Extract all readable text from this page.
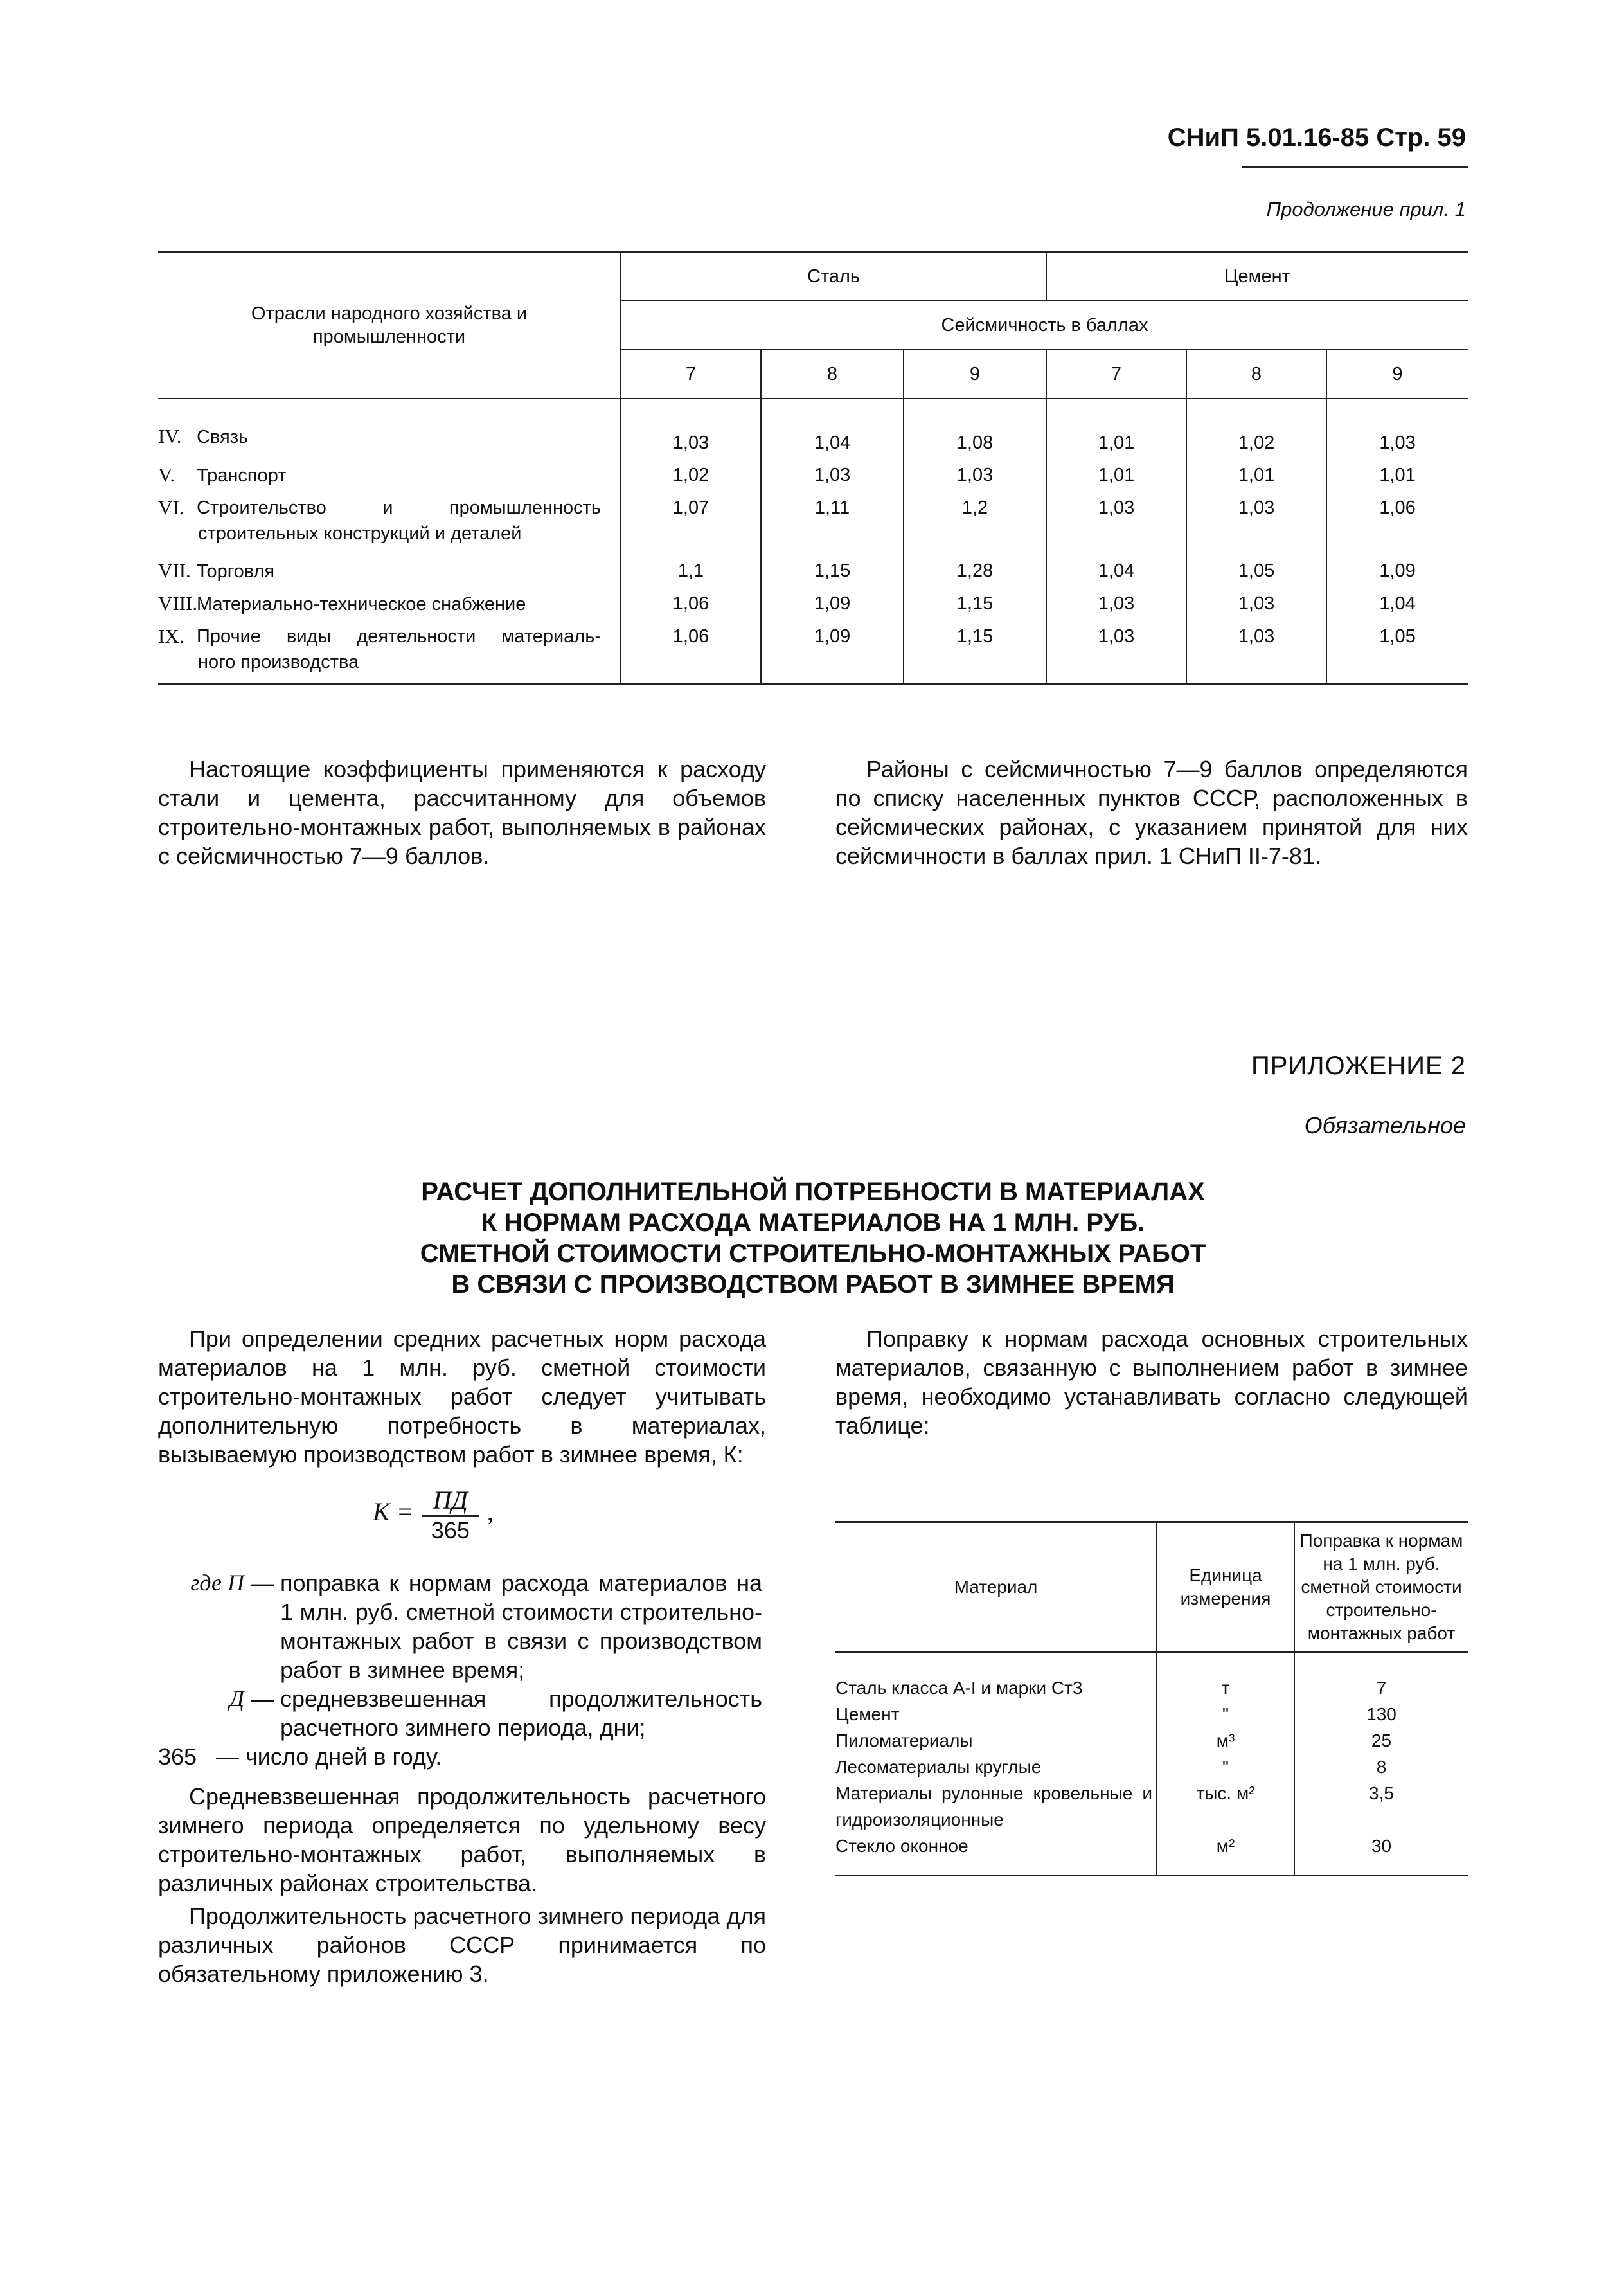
СНиП 5.01.16-85 Стр. 59
Продолжение прил. 1
Отрасли народного хозяйства и промышленности	Сталь			Цемент		
	Сейсмичность в баллах					
	7	8	9	7	8	9

IV. Связь	1,03	1,04	1,08	1,01	1,02	1,03

V. Транспорт	1,02	1,03	1,03	1,01	1,01	1,01

VI. Строительство и промышленность
строительных конструкций и деталей	1,07	1,11	1,2	1,03	1,03	1,06

VII. Торговля	1,1	1,15	1,28	1,04	1,05	1,09

VIII.Материально-техническое снабжение	1,06	1,09	1,15	1,03	1,03	1,04

IX. Прочие виды деятельности материаль-
ного производства	1,06	1,09	1,15	1,03	1,03	1,05

Настоящие коэффициенты применяются к расходу стали и цемента, рассчитанному для объемов строительно-монтажных работ, выполняемых в районах с сейсмичностью 7—9 баллов.

Районы с сейсмичностью 7—9 баллов определяются по списку населенных пунктов СССР, расположенных в сейсмических районах, с указанием принятой для них сейсмичности в баллах прил. 1 СНиП II-7-81.

ПРИЛОЖЕНИЕ 2
Обязательное
РАСЧЕТ ДОПОЛНИТЕЛЬНОЙ ПОТРЕБНОСТИ В МАТЕРИАЛАХ
К НОРМАМ РАСХОДА МАТЕРИАЛОВ НА 1 МЛН. РУБ.
СМЕТНОЙ СТОИМОСТИ СТРОИТЕЛЬНО-МОНТАЖНЫХ РАБОТ
В СВЯЗИ С ПРОИЗВОДСТВОМ РАБОТ В ЗИМНЕЕ ВРЕМЯ

При определении средних расчетных норм расхода материалов на 1 млн. руб. сметной стоимости строительно-монтажных работ следует учитывать дополнительную потребность в материалах, вызываемую производством работ в зимнее время, К:

$K = \frac{ПД}{365}$ ,
где П — поправка к нормам расхода материалов на 1 млн. руб. сметной стоимости строительно-монтажных работ в связи с производством работ в зимнее время;
Д — средневзвешенная продолжительность расчетного зимнего периода, дни;
365 — число дней в году.

Средневзвешенная продолжительность расчетного зимнего периода определяется по удельному весу строительно-монтажных работ, выполняемых в различных районах строительства.

Продолжительность расчетного зимнего периода для различных районов СССР принимается по обязательному приложению 3.

Поправку к нормам расхода основных строительных материалов, связанную с выполнением работ в зимнее время, необходимо устанавливать согласно следующей таблице:

Материал	Единица измерения	Поправка к нормам на 1 млн. руб. сметной стоимости строительно-монтажных работ
Сталь класса А-I и марки Ст3	т	7
Цемент	"	130
Пиломатериалы	м³	25
Лесоматериалы круглые	"	8
Материалы рулонные кровельные и гидроизоляционные	тыс. м²	3,5
Стекло оконное	м²	30
